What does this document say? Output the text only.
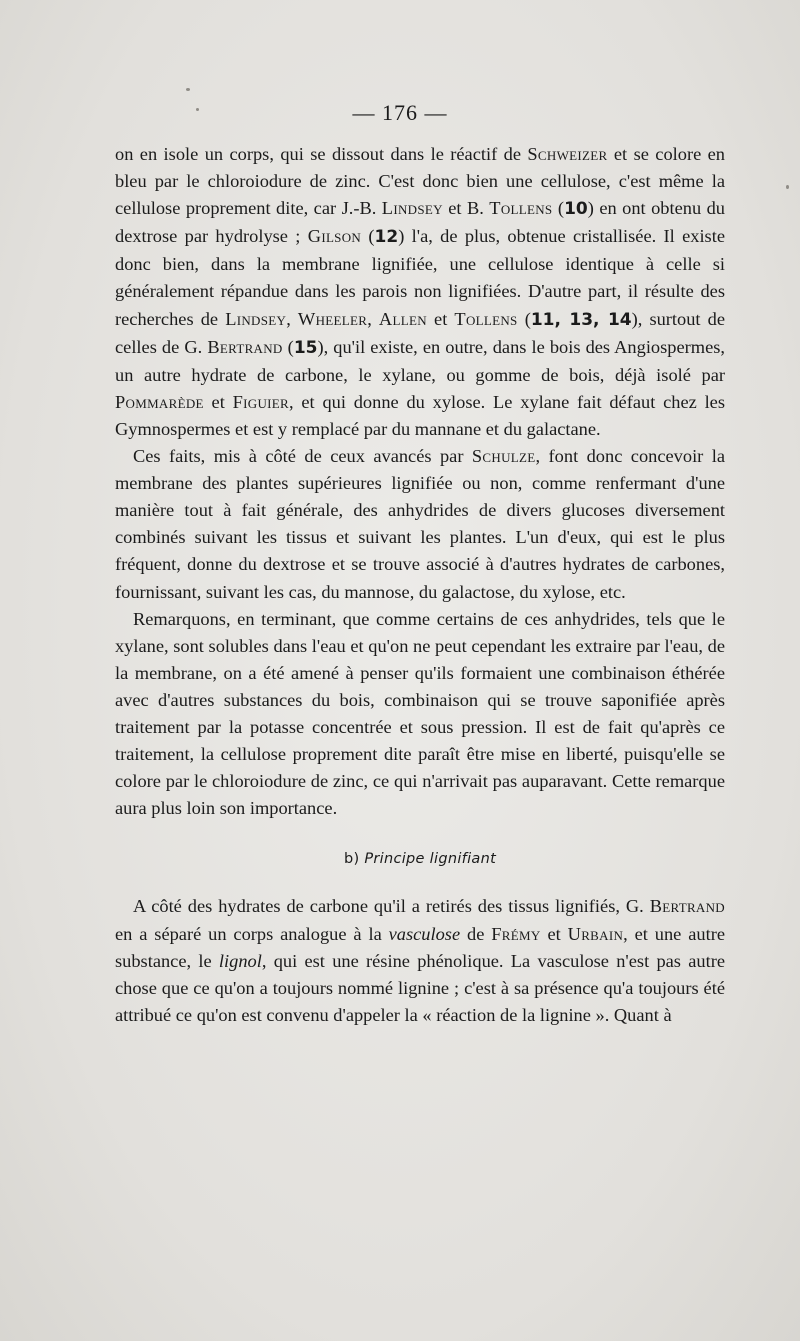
— 176 —

on en isole un corps, qui se dissout dans le réactif de Schweizer et se colore en bleu par le chloroiodure de zinc. C'est donc bien une cellulose, c'est même la cellulose proprement dite, car J.-B. Lindsey et B. Tollens (10) en ont obtenu du dextrose par hydrolyse ; Gilson (12) l'a, de plus, obtenue cristallisée. Il existe donc bien, dans la membrane lignifiée, une cellulose identique à celle si généralement répandue dans les parois non lignifiées. D'autre part, il résulte des recherches de Lindsey, Wheeler, Allen et Tollens (11, 13, 14), surtout de celles de G. Bertrand (15), qu'il existe, en outre, dans le bois des Angiospermes, un autre hydrate de carbone, le xylane, ou gomme de bois, déjà isolé par Pommarède et Figuier, et qui donne du xylose. Le xylane fait défaut chez les Gymnospermes et est y remplacé par du mannane et du galactane.

Ces faits, mis à côté de ceux avancés par Schulze, font donc concevoir la membrane des plantes supérieures lignifiée ou non, comme renfermant d'une manière tout à fait générale, des anhydrides de divers glucoses diversement combinés suivant les tissus et suivant les plantes. L'un d'eux, qui est le plus fréquent, donne du dextrose et se trouve associé à d'autres hydrates de carbones, fournissant, suivant les cas, du mannose, du galactose, du xylose, etc.

Remarquons, en terminant, que comme certains de ces anhydrides, tels que le xylane, sont solubles dans l'eau et qu'on ne peut cependant les extraire par l'eau, de la membrane, on a été amené à penser qu'ils formaient une combinaison éthérée avec d'autres substances du bois, combinaison qui se trouve saponifiée après traitement par la potasse concentrée et sous pression. Il est de fait qu'après ce traitement, la cellulose proprement dite paraît être mise en liberté, puisqu'elle se colore par le chloroiodure de zinc, ce qui n'arrivait pas auparavant. Cette remarque aura plus loin son importance.

b) Principe lignifiant

A côté des hydrates de carbone qu'il a retirés des tissus lignifiés, G. Bertrand en a séparé un corps analogue à la vasculose de Frémy et Urbain, et une autre substance, le lignol, qui est une résine phénolique. La vasculose n'est pas autre chose que ce qu'on a toujours nommé lignine ; c'est à sa présence qu'a toujours été attribué ce qu'on est convenu d'appeler la « réaction de la lignine ». Quant à
